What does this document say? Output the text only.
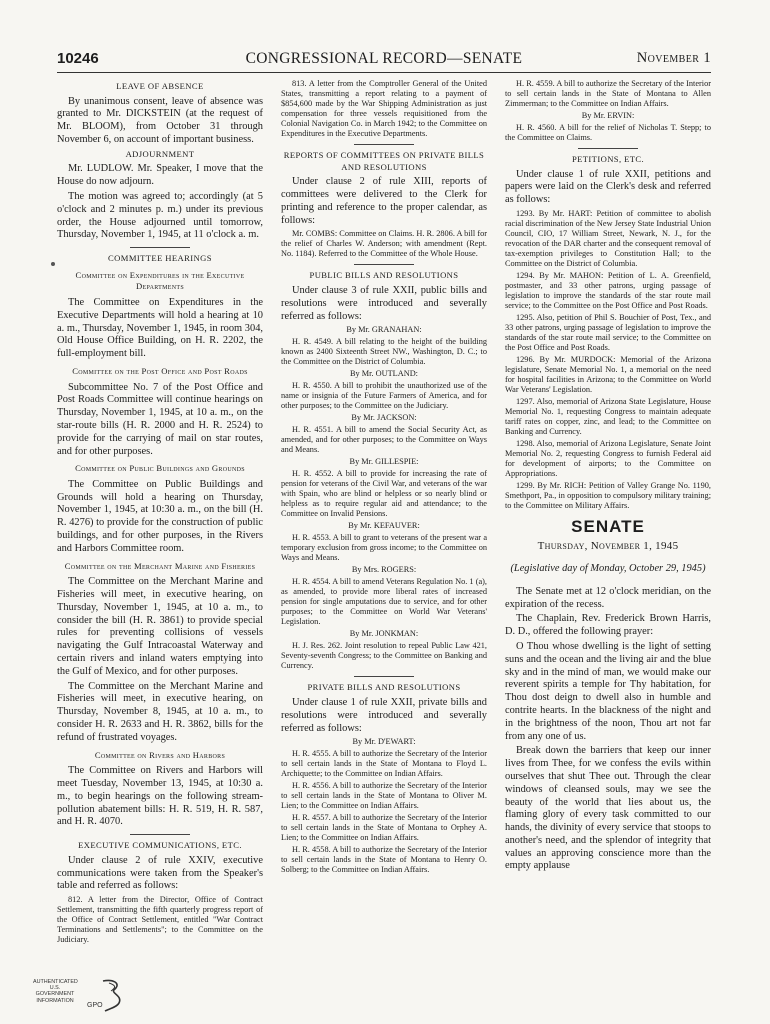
10246	CONGRESSIONAL RECORD—SENATE	November 1
LEAVE OF ABSENCE

By unanimous consent, leave of absence was granted to Mr. DICKSTEIN (at the request of Mr. BLOOM), from October 31 through November 6, on account of important business.

ADJOURNMENT

Mr. LUDLOW. Mr. Speaker, I move that the House do now adjourn.

The motion was agreed to; accordingly (at 5 o'clock and 2 minutes p. m.) under its previous order, the House adjourned until tomorrow, Thursday, November 1, 1945, at 11 o'clock a. m.

COMMITTEE HEARINGS
Committee on Expenditures in the Executive Departments

The Committee on Expenditures in the Executive Departments will hold a hearing at 10 a. m., Thursday, November 1, 1945, in room 304, Old House Office Building, on H. R. 2202, the full-employment bill.

Committee on the Post Office and Post Roads

Subcommittee No. 7 of the Post Office and Post Roads Committee will continue hearings on Thursday, November 1, 1945, at 10 a. m., on the star-route bills (H. R. 2000 and H. R. 2524) to provide for the carrying of mail on star routes, and for other purposes.

Committee on Public Buildings and Grounds

The Committee on Public Buildings and Grounds will hold a hearing on Thursday, November 1, 1945, at 10:30 a. m., on the bill (H. R. 4276) to provide for the construction of public buildings, and for other purposes, in the Rivers and Harbors Committee room.

Committee on the Merchant Marine and Fisheries

The Committee on the Merchant Marine and Fisheries will meet, in executive hearing, on Thursday, November 1, 1945, at 10 a. m., to consider the bill (H. R. 3861) to provide special rules for preventing collisions of vessels navigating the Gulf Intracoastal Waterway and certain rivers and inland waters emptying into the Gulf of Mexico, and for other purposes.

The Committee on the Merchant Marine and Fisheries will meet, in executive hearing, on Thursday, November 8, 1945, at 10 a. m., to consider H. R. 2633 and H. R. 3862, bills for the refund of frustrated voyages.

Committee on Rivers and Harbors

The Committee on Rivers and Harbors will meet Tuesday, November 13, 1945, at 10:30 a. m., to begin hearings on the following stream-pollution abatement bills: H. R. 519, H. R. 587, and H. R. 4070.

EXECUTIVE COMMUNICATIONS, ETC.

Under clause 2 of rule XXIV, executive communications were taken from the Speaker's table and referred as follows:

812. A letter from the Director, Office of Contract Settlement, transmitting the fifth quarterly progress report of the Office of Contract Settlement, entitled "War Contract Terminations and Settlements"; to the Committee on the Judiciary.

813. A letter from the Comptroller General of the United States, transmitting a report relating to a payment of $854,600 made by the War Shipping Administration as just compensation for three vessels requisitioned from the Colonial Navigation Co. in March 1942; to the Committee on Expenditures in the Executive Departments.

REPORTS OF COMMITTEES ON PRIVATE BILLS AND RESOLUTIONS

Under clause 2 of rule XIII, reports of committees were delivered to the Clerk for printing and reference to the proper calendar, as follows:

Mr. COMBS: Committee on Claims. H. R. 2806. A bill for the relief of Charles W. Anderson; with amendment (Rept. No. 1184). Referred to the Committee of the Whole House.

PUBLIC BILLS AND RESOLUTIONS

Under clause 3 of rule XXII, public bills and resolutions were introduced and severally referred as follows:

By Mr. GRANAHAN:

H. R. 4549. A bill relating to the height of the building known as 2400 Sixteenth Street NW., Washington, D. C.; to the Committee on the District of Columbia.

By Mr. OUTLAND:

H. R. 4550. A bill to prohibit the unauthorized use of the name or insignia of the Future Farmers of America, and for other purposes; to the Committee on the Judiciary.

By Mr. JACKSON:

H. R. 4551. A bill to amend the Social Security Act, as amended, and for other purposes; to the Committee on Ways and Means.

By Mr. GILLESPIE:

H. R. 4552. A bill to provide for increasing the rate of pension for veterans of the Civil War, and veterans of the war with Spain, who are blind or helpless or so nearly blind or helpless as to require regular aid and attendance; to the Committee on Invalid Pensions.

By Mr. KEFAUVER:

H. R. 4553. A bill to grant to veterans of the present war a temporary exclusion from gross income; to the Committee on Ways and Means.

By Mrs. ROGERS:

H. R. 4554. A bill to amend Veterans Regulation No. 1 (a), as amended, to provide more liberal rates of increased pension for single amputations due to service, and for other purposes; to the Committee on World War Veterans' Legislation.

By Mr. JONKMAN:

H. J. Res. 262. Joint resolution to repeal Public Law 421, Seventy-seventh Congress; to the Committee on Banking and Currency.

PRIVATE BILLS AND RESOLUTIONS

Under clause 1 of rule XXII, private bills and resolutions were introduced and severally referred as follows:

By Mr. D'EWART:

H. R. 4555. A bill to authorize the Secretary of the Interior to sell certain lands in the State of Montana to Floyd L. Archiquette; to the Committee on Indian Affairs.

H. R. 4556. A bill to authorize the Secretary of the Interior to sell certain lands in the State of Montana to Oliver M. Lien; to the Committee on Indian Affairs.

H. R. 4557. A bill to authorize the Secretary of the Interior to sell certain lands in the State of Montana to Orphey A. Lien; to the Committee on Indian Affairs.

H. R. 4558. A bill to authorize the Secretary of the Interior to sell certain lands in the State of Montana to Henry O. Solberg; to the Committee on Indian Affairs.

H. R. 4559. A bill to authorize the Secretary of the Interior to sell certain lands in the State of Montana to Allen Zimmerman; to the Committee on Indian Affairs.

By Mr. ERVIN:

H. R. 4560. A bill for the relief of Nicholas T. Stepp; to the Committee on Claims.

PETITIONS, ETC.

Under clause 1 of rule XXII, petitions and papers were laid on the Clerk's desk and referred as follows:

1293. By Mr. HART: Petition of committee to abolish racial discrimination of the New Jersey State Industrial Union Council, CIO, 17 William Street, Newark, N. J., for the revocation of the DAR charter and the consequent removal of tax-exemption privileges to Constitution Hall; to the Committee on the District of Columbia.

1294. By Mr. MAHON: Petition of L. A. Greenfield, postmaster, and 33 other patrons, urging passage of legislation to improve the standards of the star route mail service; to the Committee on the Post Office and Post Roads.

1295. Also, petition of Phil S. Bouchier of Post, Tex., and 33 other patrons, urging passage of legislation to improve the standards of the star route mail service; to the Committee on the Post Office and Post Roads.

1296. By Mr. MURDOCK: Memorial of the Arizona legislature, Senate Memorial No. 1, a memorial on the need for hospital facilities in Arizona; to the Committee on World War Veterans' Legislation.

1297. Also, memorial of Arizona State Legislature, House Memorial No. 1, requesting Congress to maintain adequate tariff rates on copper, zinc, and lead; to the Committee on Banking and Currency.

1298. Also, memorial of Arizona Legislature, Senate Joint Memorial No. 2, requesting Congress to furnish Federal aid for development of airports; to the Committee on Appropriations.

1299. By Mr. RICH: Petition of Valley Grange No. 1190, Smethport, Pa., in opposition to compulsory military training; to the Committee on Military Affairs.

SENATE
Thursday, November 1, 1945

(Legislative day of Monday, October 29, 1945)

The Senate met at 12 o'clock meridian, on the expiration of the recess.

The Chaplain, Rev. Frederick Brown Harris, D. D., offered the following prayer:

O Thou whose dwelling is the light of setting suns and the ocean and the living air and the blue sky and in the mind of man, we would make our reverent spirits a temple for Thy habitation, for Thou dost deign to dwell also in humble and contrite hearts. In the blackness of the night and in the brightness of the noon, Thou art not far from any one of us.

Break down the barriers that keep our inner lives from Thee, for we confess the evils within ourselves that shut Thee out. Through the clear windows of cleansed souls, may we see the beauty of the world that lies about us, the flaming glory of every task committed to our hands, the divinity of every service that stoops to another's need, and the splendor of integrity that values an approving conscience more than the empty applause

AUTHENTICATED
U.S. GOVERNMENT
INFORMATION
GPO
